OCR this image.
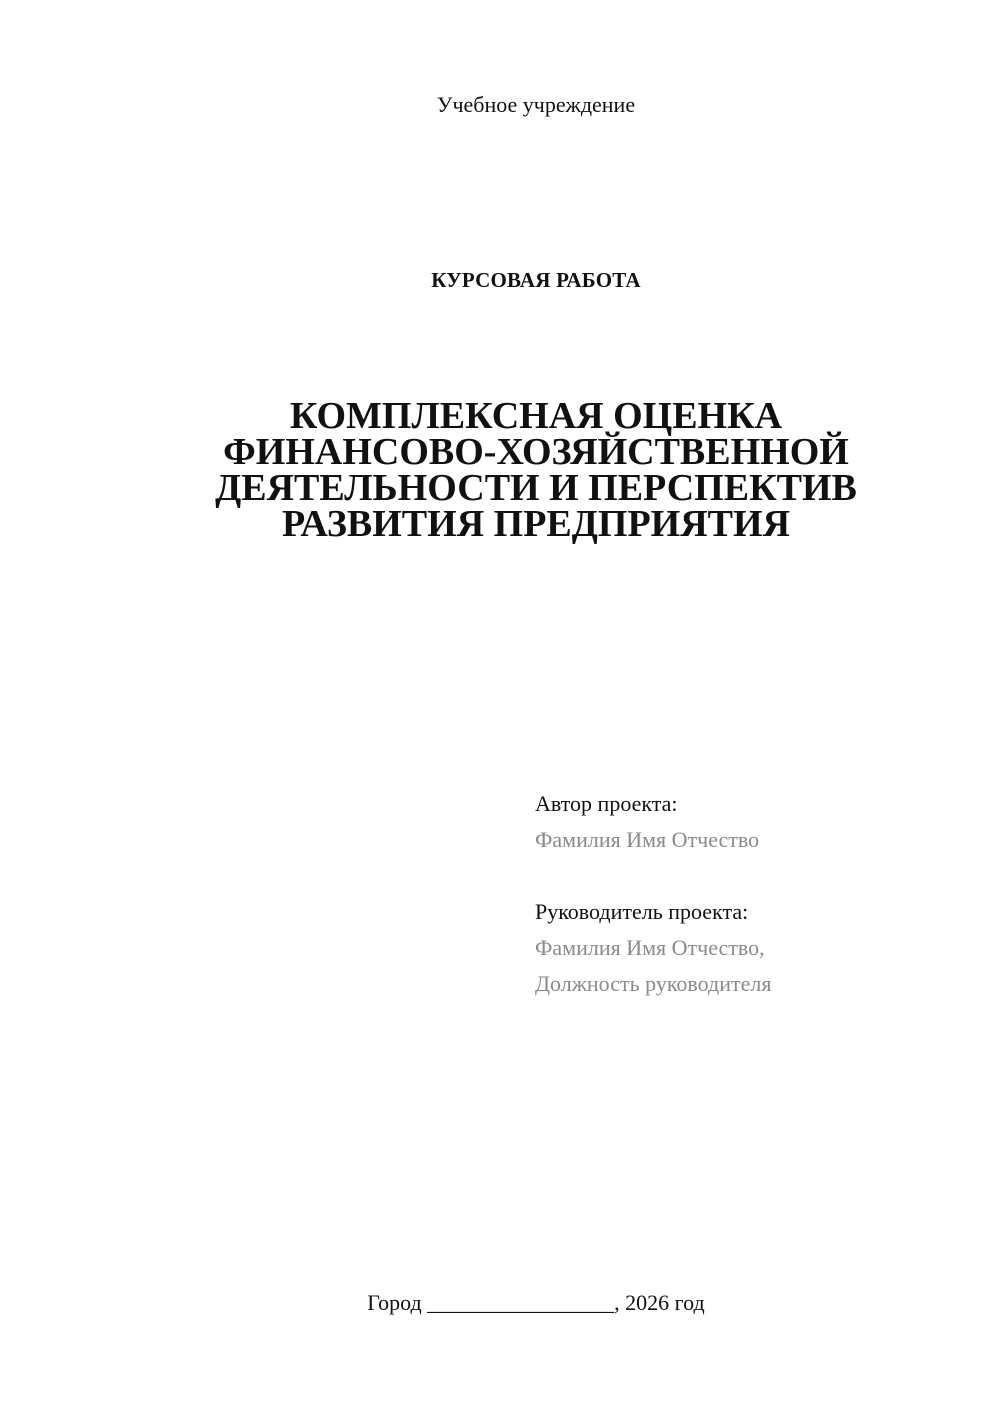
Учебное учреждение
КУРСОВАЯ РАБОТА
КОМПЛЕКСНАЯ ОЦЕНКА
ФИНАНСОВО-ХОЗЯЙСТВЕННОЙ
ДЕЯТЕЛЬНОСТИ И ПЕРСПЕКТИВ
РАЗВИТИЯ ПРЕДПРИЯТИЯ
Автор проекта:
Фамилия Имя Отчество
Руководитель проекта:
Фамилия Имя Отчество,
Должность руководителя
Город _________________, 2026 год
